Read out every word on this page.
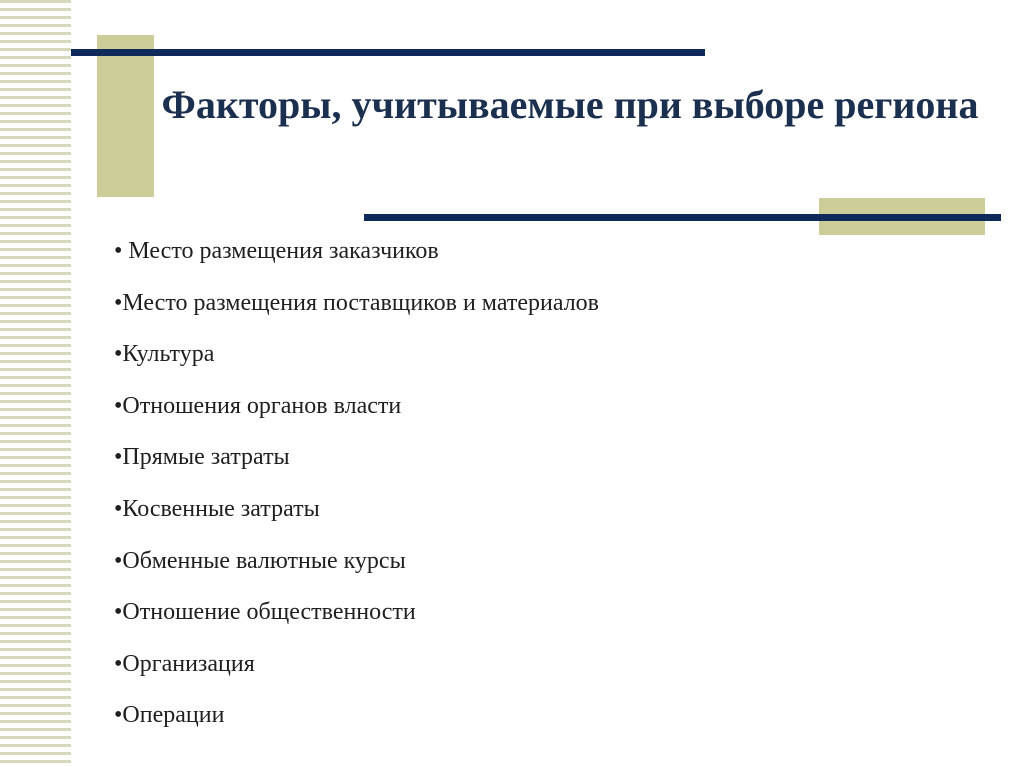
Факторы, учитываемые при выборе региона
• Место размещения заказчиков
•Место размещения поставщиков и материалов
•Культура
•Отношения органов власти
•Прямые затраты
•Косвенные затраты
•Обменные валютные курсы
•Отношение общественности
•Организация
•Операции
